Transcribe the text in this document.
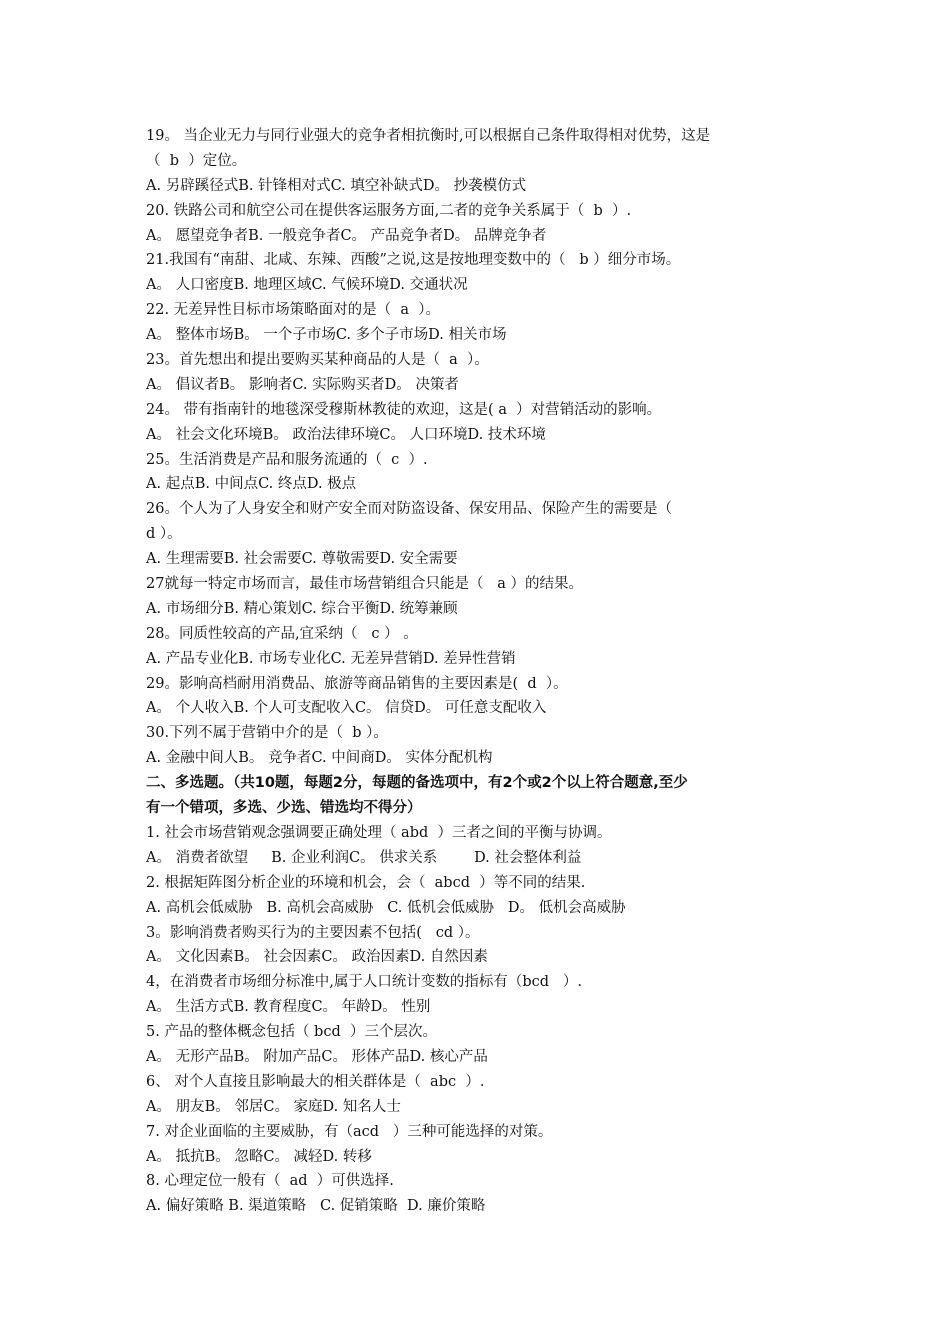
19。 当企业无力与同行业强大的竞争者相抗衡时,可以根据自己条件取得相对优势，这是
（  b  ）定位。
A. 另辟蹊径式B. 针锋相对式C. 填空补缺式D。 抄袭模仿式
20. 铁路公司和航空公司在提供客运服务方面,二者的竞争关系属于（  b  ）.
A。 愿望竞争者B. 一般竞争者C。 产品竞争者D。 品牌竞争者
21.我国有“南甜、北咸、东辣、西酸”之说,这是按地理变数中的（   b ）细分市场。
A。 人口密度B. 地理区域C. 气候环境D. 交通状况
22. 无差异性目标市场策略面对的是（  a  ）。
A。 整体市场B。 一个子市场C. 多个子市场D. 相关市场
23。首先想出和提出要购买某种商品的人是（  a  ）。
A。 倡议者B。 影响者C. 实际购买者D。 决策者
24。 带有指南针的地毯深受穆斯林教徒的欢迎，这是( a  ）对营销活动的影响。
A。 社会文化环境B。 政治法律环境C。 人口环境D. 技术环境
25。生活消费是产品和服务流通的（  c  ）.
A. 起点B. 中间点C. 终点D. 极点
26。个人为了人身安全和财产安全而对防盗设备、保安用品、保险产生的需要是（
d ）。
A. 生理需要B. 社会需要C. 尊敬需要D. 安全需要
27就每一特定市场而言，最佳市场营销组合只能是（   a ）的结果。
A. 市场细分B. 精心策划C. 综合平衡D. 统筹兼顾
28。同质性较高的产品,宜采纳（   c ） 。
A. 产品专业化B. 市场专业化C. 无差异营销D. 差异性营销
29。影响高档耐用消费品、旅游等商品销售的主要因素是(  d  ）。
A。 个人收入B. 个人可支配收入C。 信贷D。 可任意支配收入
30.下列不属于营销中介的是（  b ）。
A. 金融中间人B。 竞争者C. 中间商D。 实体分配机构
二、多选题。（共10题，每题2分，每题的备选项中，有2个或2个以上符合题意,至少
有一个错项，多选、少选、错选均不得分）
1. 社会市场营销观念强调要正确处理（ abd  ）三者之间的平衡与协调。
A。 消费者欲望     B. 企业利润C。 供求关系        D. 社会整体利益
2. 根据矩阵图分析企业的环境和机会，会（  abcd  ）等不同的结果.
A. 高机会低威胁   B. 高机会高威胁   C. 低机会低威胁   D。 低机会高威胁
3。影响消费者购买行为的主要因素不包括(   cd ）。
A。 文化因素B。 社会因素C。 政治因素D. 自然因素
4，在消费者市场细分标准中,属于人口统计变数的指标有（bcd   ）.
A。 生活方式B. 教育程度C。 年龄D。 性别
5. 产品的整体概念包括（ bcd  ）三个层次。
A。 无形产品B。 附加产品C。 形体产品D. 核心产品
6、 对个人直接且影响最大的相关群体是（  abc  ）.
A。 朋友B。 邻居C。 家庭D. 知名人士
7. 对企业面临的主要威胁，有（acd   ）三种可能选择的对策。
A。 抵抗B。 忽略C。 减轻D. 转移
8. 心理定位一般有（  ad  ）可供选择.
A. 偏好策略 B. 渠道策略   C. 促销策略  D. 廉价策略
